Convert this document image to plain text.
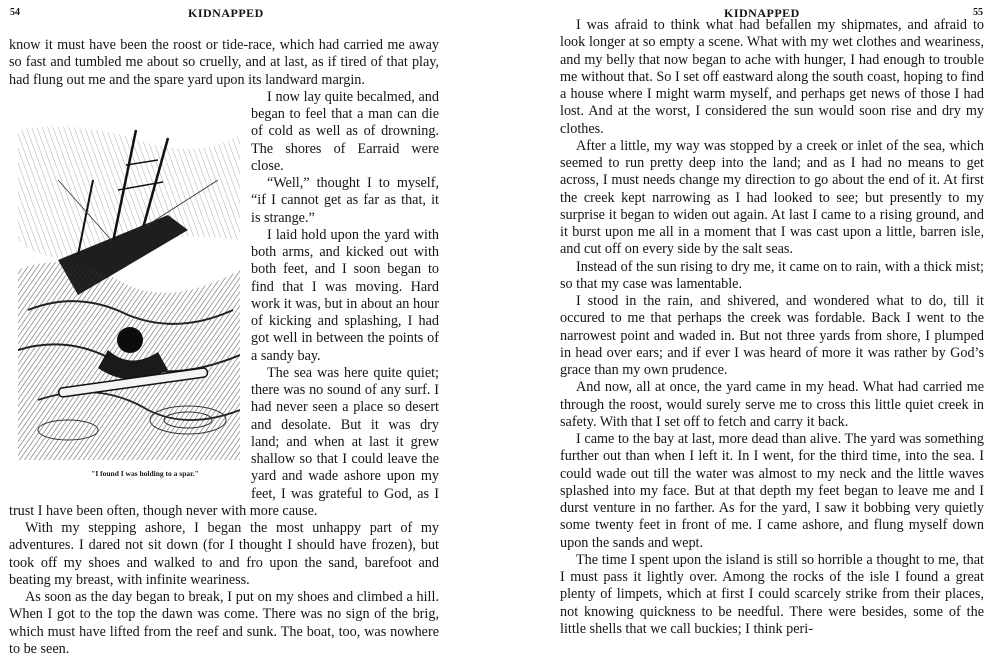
54	KIDNAPPED

know it must have been the roost or tide-race, which had carried me away so fast and tumbled me about so cruelly, and at last, as if tired of that play, had flung out me and the spare yard upon its landward margin.

"I found I was holding to a spar."

I now lay quite becalmed, and began to feel that a man can die of cold as well as of drowning. The shores of Earraid were close.

“Well,” thought I to myself, “if I cannot get as far as that, it is strange.”

I laid hold upon the yard with both arms, and kicked out with both feet, and I soon began to find that I was moving. Hard work it was, but in about an hour of kicking and splashing, I had got well in between the points of a sandy bay.

The sea was here quite quiet; there was no sound of any surf. I had never seen a place so desert and desolate. But it was dry land; and when at last it grew shallow so that I could leave the yard and wade ashore upon my feet, I was grateful to God, as I trust I have been often, though never with more cause.

With my stepping ashore, I began the most unhappy part of my adventures. I dared not sit down (for I thought I should have frozen), but took off my shoes and walked to and fro upon the sand, barefoot and beating my breast, with infinite weariness.

As soon as the day began to break, I put on my shoes and climbed a hill. When I got to the top the dawn was come. There was no sign of the brig, which must have lifted from the reef and sunk. The boat, too, was nowhere to be seen.

KIDNAPPED	55

I was afraid to think what had befallen my shipmates, and afraid to look longer at so empty a scene. What with my wet clothes and weariness, and my belly that now began to ache with hunger, I had enough to trouble me without that. So I set off eastward along the south coast, hoping to find a house where I might warm myself, and perhaps get news of those I had lost. And at the worst, I considered the sun would soon rise and dry my clothes.

After a little, my way was stopped by a creek or inlet of the sea, which seemed to run pretty deep into the land; and as I had no means to get across, I must needs change my direction to go about the end of it. At first the creek kept narrowing as I had looked to see; but presently to my surprise it began to widen out again. At last I came to a rising ground, and it burst upon me all in a moment that I was cast upon a little, barren isle, and cut off on every side by the salt seas.

Instead of the sun rising to dry me, it came on to rain, with a thick mist; so that my case was lamentable.

I stood in the rain, and shivered, and wondered what to do, till it occured to me that perhaps the creek was fordable. Back I went to the narrowest point and waded in. But not three yards from shore, I plumped in head over ears; and if ever I was heard of more it was rather by God’s grace than my own prudence.

And now, all at once, the yard came in my head. What had carried me through the roost, would surely serve me to cross this little quiet creek in safety. With that I set off to fetch and carry it back.

I came to the bay at last, more dead than alive. The yard was something further out than when I left it. In I went, for the third time, into the sea. I could wade out till the water was almost to my neck and the little waves splashed into my face. But at that depth my feet began to leave me and I durst venture in no farther. As for the yard, I saw it bobbing very quietly some twenty feet in front of me. I came ashore, and flung myself down upon the sands and wept.

The time I spent upon the island is still so horrible a thought to me, that I must pass it lightly over. Among the rocks of the isle I found a great plenty of limpets, which at first I could scarcely strike from their places, not knowing quickness to be needful. There were besides, some of the little shells that we call buckies; I think peri-
